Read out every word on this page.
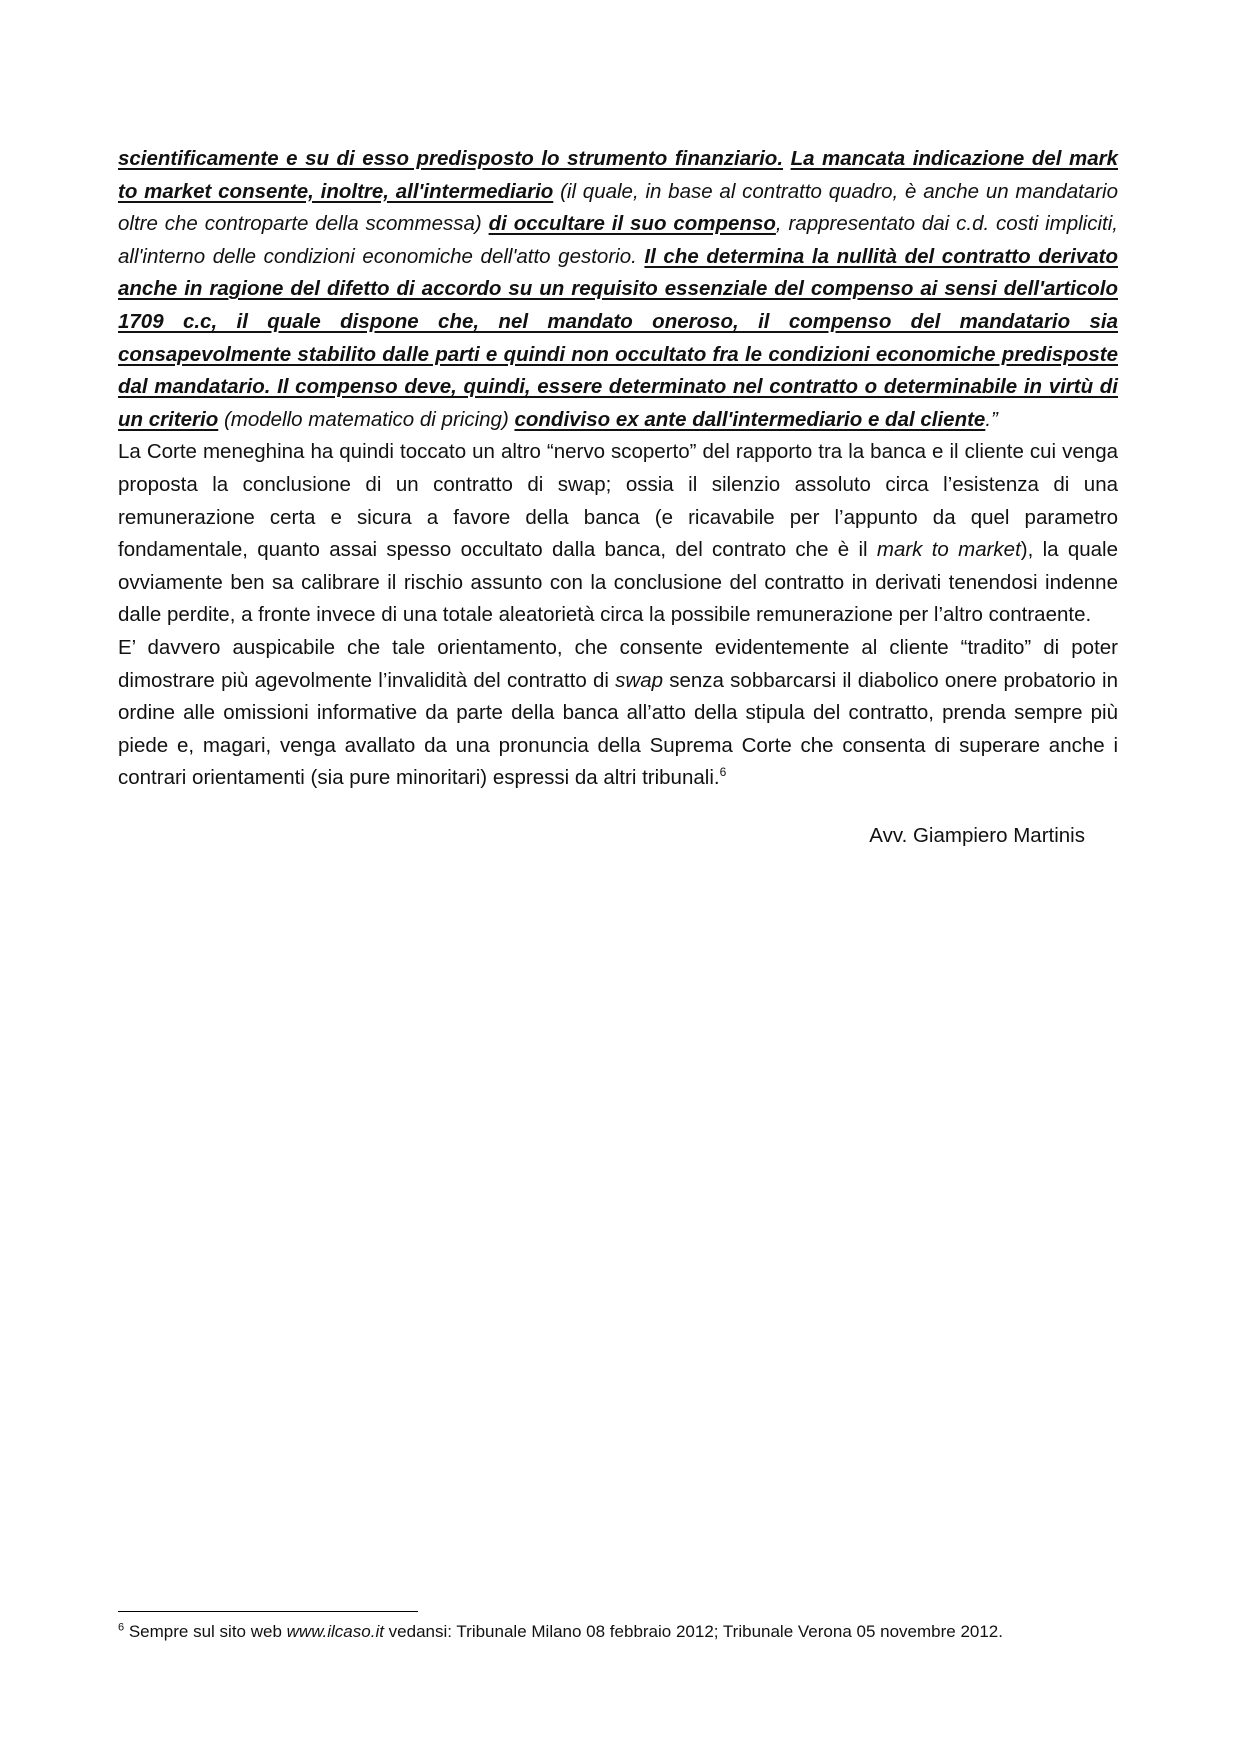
scientificamente e su di esso predisposto lo strumento finanziario. La mancata indicazione del mark to market consente, inoltre, all'intermediario (il quale, in base al contratto quadro, è anche un mandatario oltre che controparte della scommessa) di occultare il suo compenso, rappresentato dai c.d. costi impliciti, all'interno delle condizioni economiche dell'atto gestorio. Il che determina la nullità del contratto derivato anche in ragione del difetto di accordo su un requisito essenziale del compenso ai sensi dell'articolo 1709 c.c, il quale dispone che, nel mandato oneroso, il compenso del mandatario sia consapevolmente stabilito dalle parti e quindi non occultato fra le condizioni economiche predisposte dal mandatario. Il compenso deve, quindi, essere determinato nel contratto o determinabile in virtù di un criterio (modello matematico di pricing) condiviso ex ante dall'intermediario e dal cliente.”

La Corte meneghina ha quindi toccato un altro “nervo scoperto” del rapporto tra la banca e il cliente cui venga proposta la conclusione di un contratto di swap; ossia il silenzio assoluto circa l’esistenza di una remunerazione certa e sicura a favore della banca (e ricavabile per l’appunto da quel parametro fondamentale, quanto assai spesso occultato dalla banca, del contrato che è il mark to market), la quale ovviamente ben sa calibrare il rischio assunto con la conclusione del contratto in derivati tenendosi indenne dalle perdite, a fronte invece di una totale aleatorietà circa la possibile remunerazione per l’altro contraente.

E’ davvero auspicabile che tale orientamento, che consente evidentemente al cliente “tradito” di poter dimostrare più agevolmente l’invalidità del contratto di swap senza sobbarcarsi il diabolico onere probatorio in ordine alle omissioni informative da parte della banca all’atto della stipula del contratto, prenda sempre più piede e, magari, venga avallato da una pronuncia della Suprema Corte che consenta di superare anche i contrari orientamenti (sia pure minoritari) espressi da altri tribunali.$^6$

Avv. Giampiero Martinis
$^6$ Sempre sul sito web www.ilcaso.it vedansi: Tribunale Milano 08 febbraio 2012; Tribunale Verona 05 novembre 2012.
